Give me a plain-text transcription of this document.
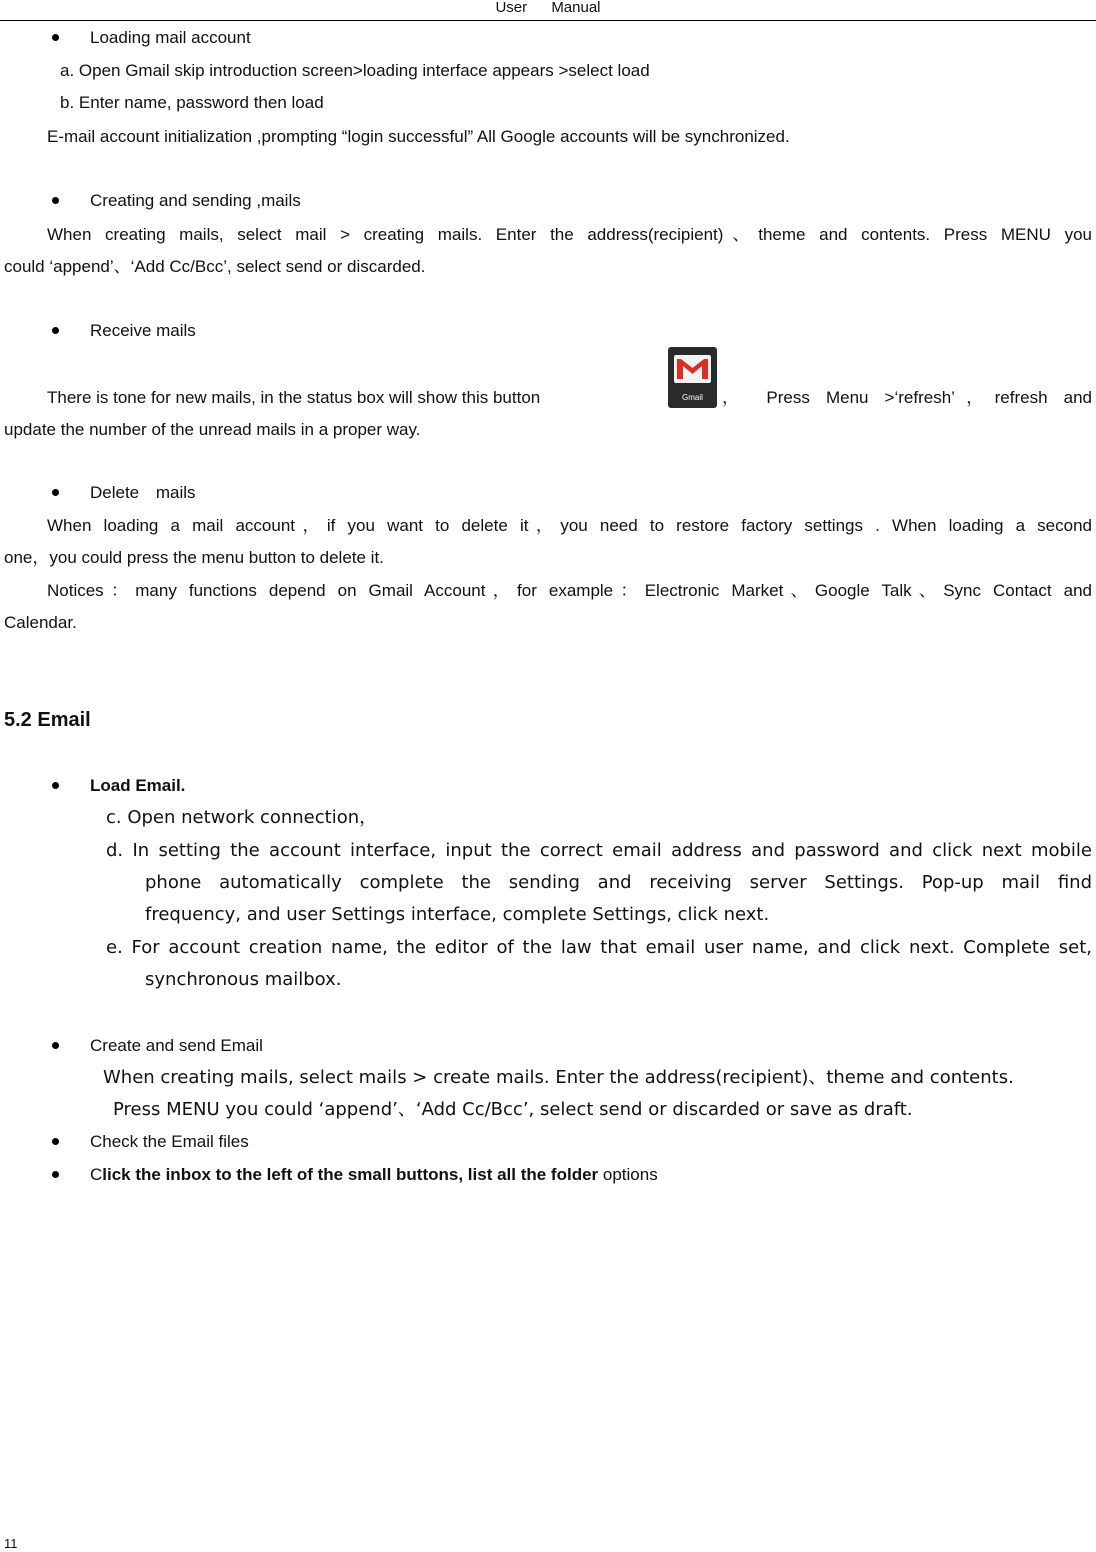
User Manual
Loading mail account
a. Open Gmail skip introduction screen>loading interface appears >select load
b. Enter name, password then load
E-mail account initialization ,prompting “login successful” All Google accounts will be synchronized.
Creating and sending ,mails
When creating mails, select mail > creating mails. Enter the address(recipient)、theme and contents. Press MENU you
could ‘append’、‘Add Cc/Bcc’, select send or discarded.
Receive mails
There is tone for new mails, in the status box will show this button	Gmail	， Press Menu >‘refresh’，refresh and
update the number of the unread mails in a proper way.
Delete mails
When loading a mail account，if you want to delete it，you need to restore factory settings . When loading a second
one，you could press the menu button to delete it.
Notices：many functions depend on Gmail Account，for example：Electronic Market、Google Talk、Sync Contact and
Calendar.
5.2 Email
Load Email.
c. Open network connection，
d. In setting the account interface, input the correct email address and password and click next mobile
phone automatically complete the sending and receiving server Settings. Pop-up mail find
frequency, and user Settings interface, complete Settings, click next.
e. For account creation name, the editor of the law that email user name, and click next. Complete set,
synchronous mailbox.
Create and send Email
When creating mails, select mails > create mails. Enter the address(recipient)、theme and contents.
Press MENU you could ‘append’、‘Add Cc/Bcc’, select send or discarded or save as draft.
Check the Email files
Click the inbox to the left of the small buttons, list all the folder options
11
